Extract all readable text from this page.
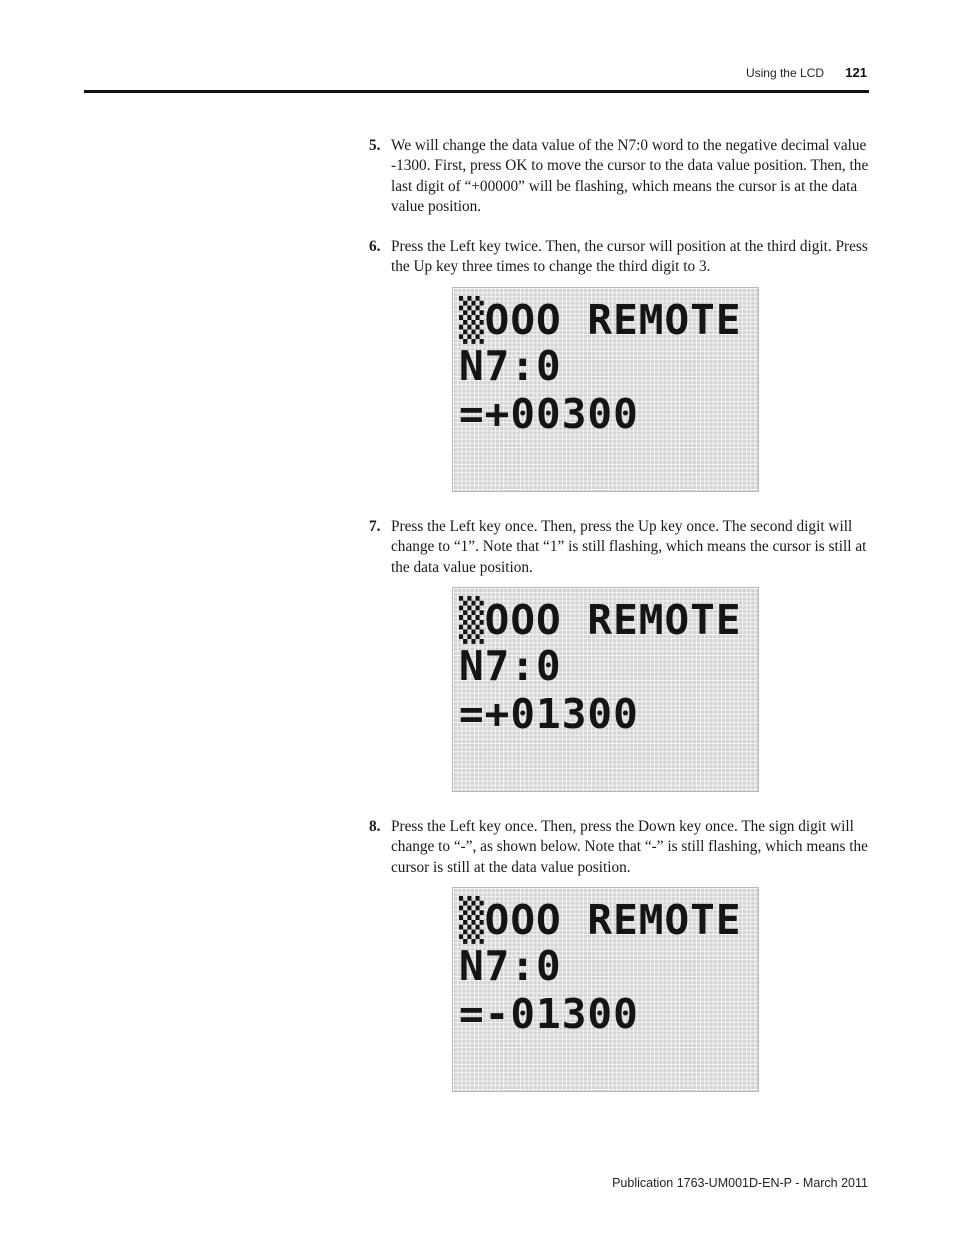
Using the LCD 121
5. We will change the data value of the N7:0 word to the negative decimal value -1300. First, press OK to move the cursor to the data value position. Then, the last digit of “+00000” will be flashing, which means the cursor is at the data value position.
6. Press the Left key twice. Then, the cursor will position at the third digit. Press the Up key three times to change the third digit to 3.
▒OOO REMOTE
N7:0
=+00300
7. Press the Left key once. Then, press the Up key once. The second digit will change to “1”. Note that “1” is still flashing, which means the cursor is still at the data value position.
▒OOO REMOTE
N7:0
=+01300
8. Press the Left key once. Then, press the Down key once. The sign digit will change to “-”, as shown below. Note that “-” is still flashing, which means the cursor is still at the data value position.
▒OOO REMOTE
N7:0
=-01300
Publication 1763-UM001D-EN-P - March 2011
